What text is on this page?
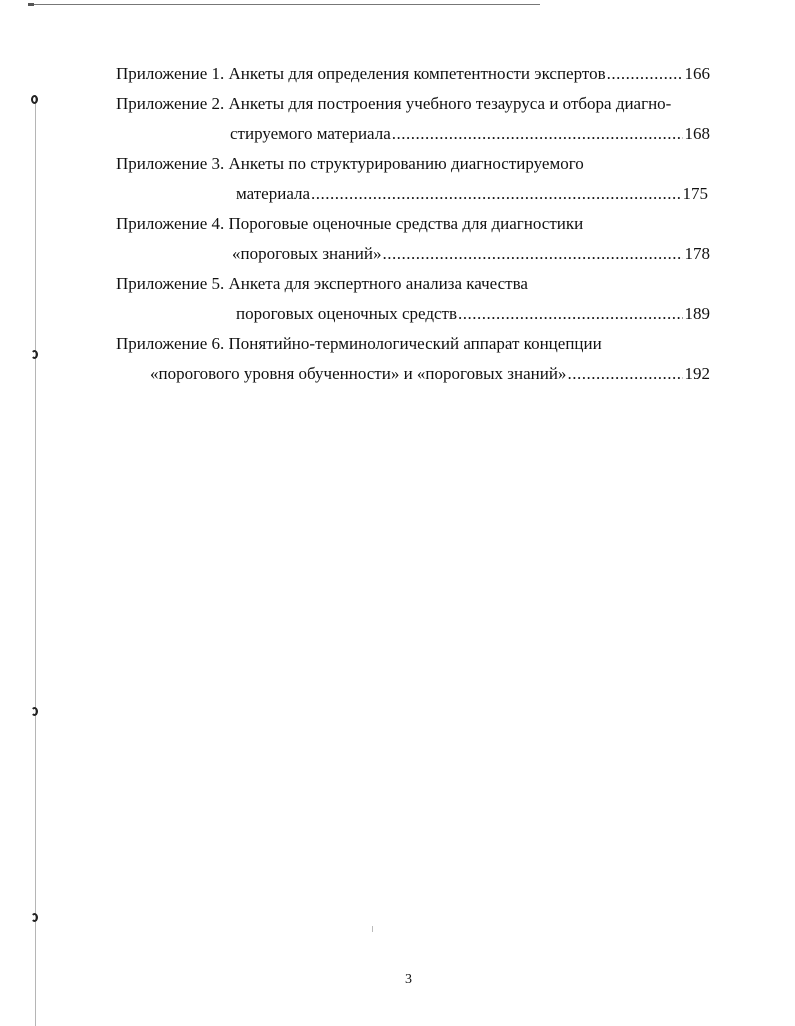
Приложение 1. Анкеты для определения компетентности экспертов .....	166
Приложение 2. Анкеты для построения учебного тезауруса и отбора диагно-
стируемого материала .....	168
Приложение 3. Анкеты по структурированию диагностируемого
материала .....	175
Приложение 4. Пороговые оценочные средства для диагностики
«пороговых знаний» .....	178
Приложение 5. Анкета для экспертного анализа качества
пороговых оценочных средств .....	189
Приложение 6. Понятийно-терминологический аппарат концепции
«порогового уровня обученности» и «пороговых знаний» .....	192
3
